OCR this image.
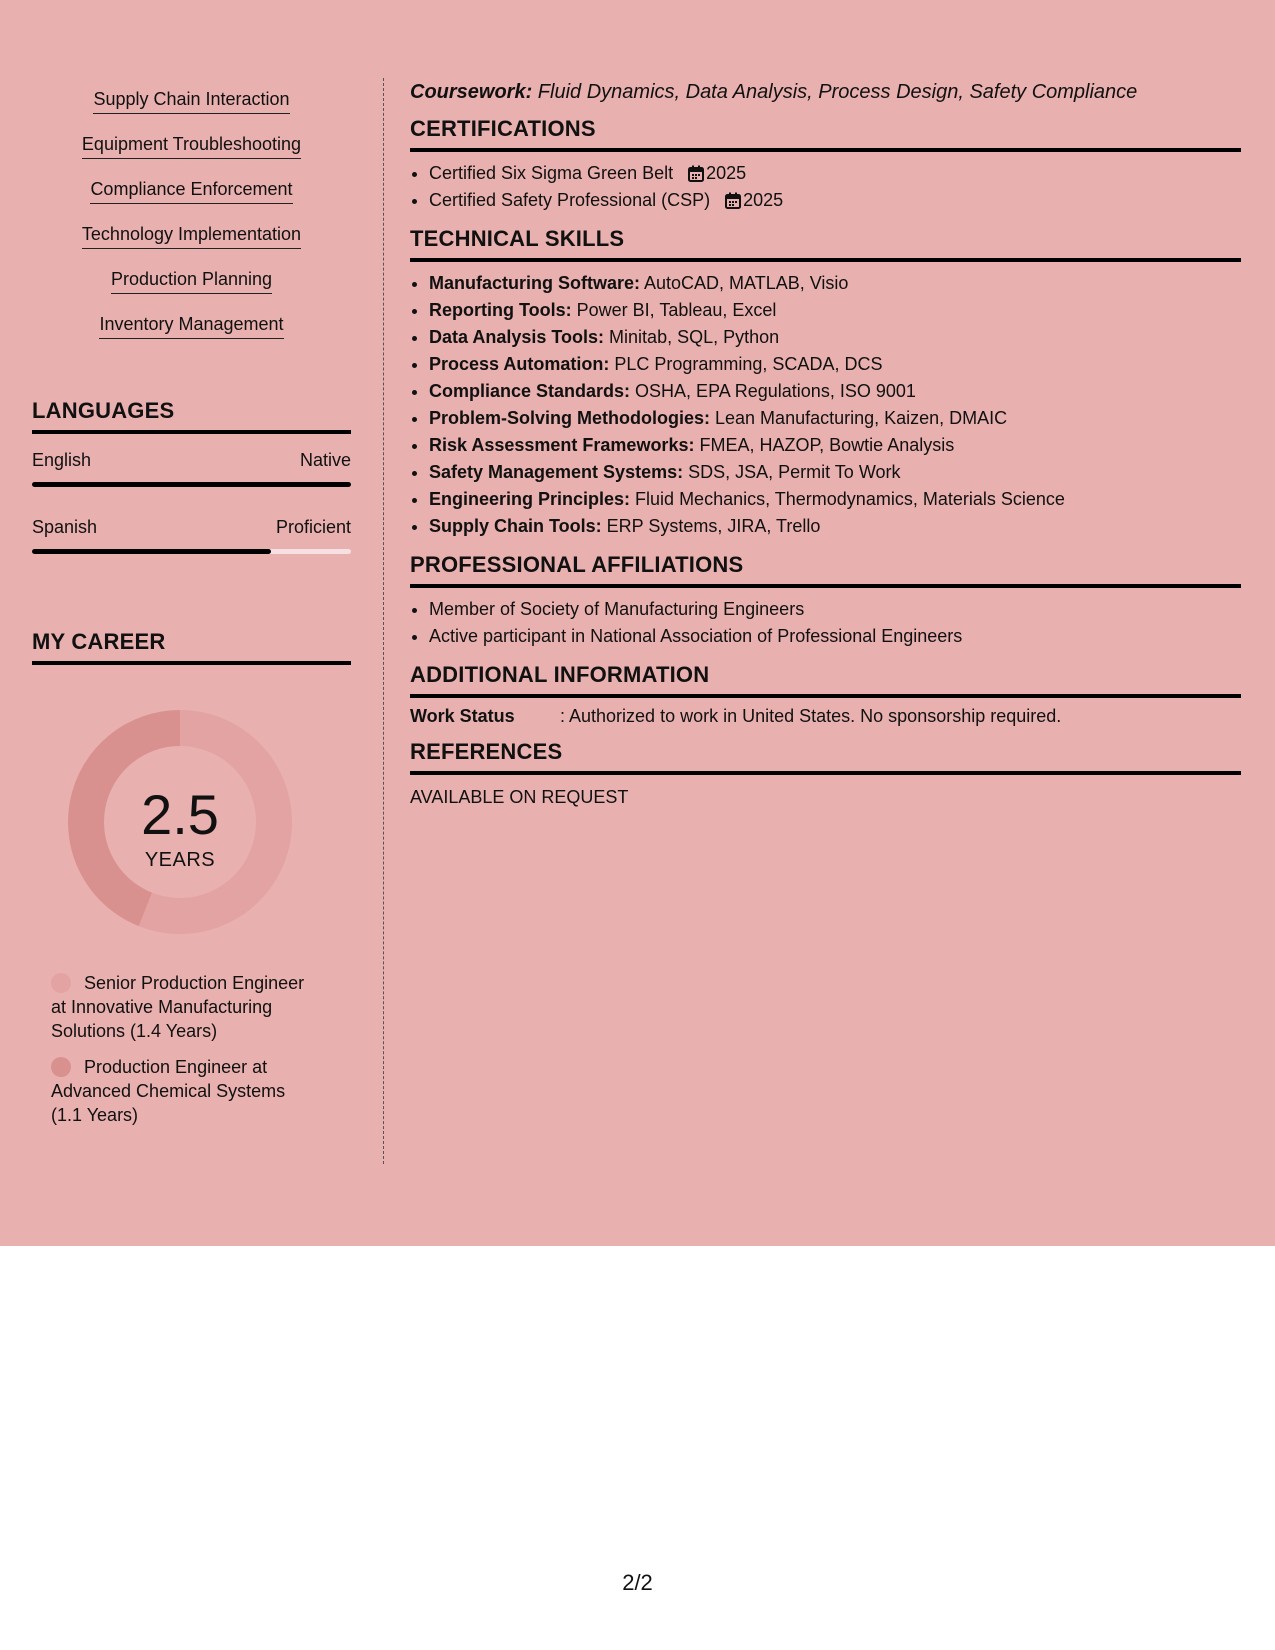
Supply Chain Interaction
Equipment Troubleshooting
Compliance Enforcement
Technology Implementation
Production Planning
Inventory Management
LANGUAGES
English	Native
Spanish	Proficient
MY CAREER
2.5
YEARS
Senior Production Engineer at Innovative Manufacturing Solutions (1.4 Years)
Production Engineer at Advanced Chemical Systems (1.1 Years)
Coursework: Fluid Dynamics, Data Analysis, Process Design, Safety Compliance
CERTIFICATIONS
• Certified Six Sigma Green Belt 2025
• Certified Safety Professional (CSP) 2025
TECHNICAL SKILLS
• Manufacturing Software: AutoCAD, MATLAB, Visio
• Reporting Tools: Power BI, Tableau, Excel
• Data Analysis Tools: Minitab, SQL, Python
• Process Automation: PLC Programming, SCADA, DCS
• Compliance Standards: OSHA, EPA Regulations, ISO 9001
• Problem-Solving Methodologies: Lean Manufacturing, Kaizen, DMAIC
• Risk Assessment Frameworks: FMEA, HAZOP, Bowtie Analysis
• Safety Management Systems: SDS, JSA, Permit To Work
• Engineering Principles: Fluid Mechanics, Thermodynamics, Materials Science
• Supply Chain Tools: ERP Systems, JIRA, Trello
PROFESSIONAL AFFILIATIONS
• Member of Society of Manufacturing Engineers
• Active participant in National Association of Professional Engineers
ADDITIONAL INFORMATION
Work Status	: Authorized to work in United States. No sponsorship required.
REFERENCES
AVAILABLE ON REQUEST
2/2
